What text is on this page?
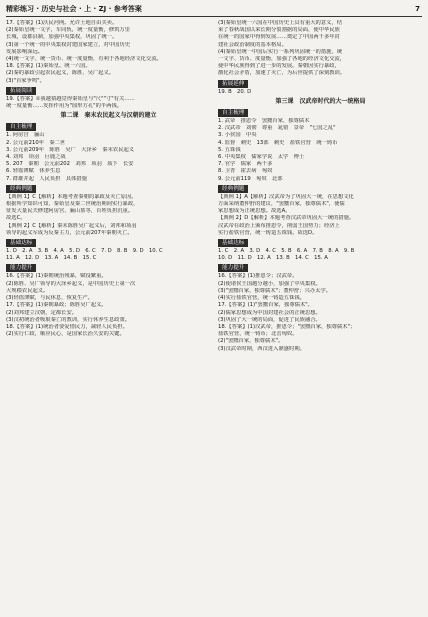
精彩练习 · 历史与社会 · 上 · ZJ · 参考答案	7
17.【答案】(1)沃民河网。允许土地自由买卖。
(2)秦始皇统一文字，车同轨，统一度量衡，修筑万里
长城，设郡县制，加强中央集权，巩固了统一。
(3)第一个统一的中央集权封建国家建立，对中国历史
发展影响深远。
(4)统一文字、统一货币、统一度量衡，有利于各地经济文化交流。
18.【答案】(1)秦始皇。统一六国。
(2)秦的暴政引起农民起义，陈胜、吴广起义。
(3)"百家争鸣"。
拓展阅读
19.【答案】①我越猜越觉得秦始皇与"尺""寸"有关……
统一度量衡……发挥作用为"圆形方孔"的半两钱。
第二课　秦末农民起义与汉朝的建立
自主梳理
1. 阿房宫　骊山
2. 公元前210年　秦二世
3. 公元前209年　陈胜　吴广　大泽乡　秦末农民起义
4. 刘邦　项羽　巨鹿之战
5. 207　秦朝　公元前202　刘邦　项羽　垓下　长安
6. 轻徭薄赋　休养生息
7. 群雄并起　人民负担　具体措施
经典例题
【典例 1】C【解析】本题考查秦朝的暴政及灭亡原因。
根据所学知识可知，秦始皇及秦二世统治期间实行暴政，
征发大量民夫修建阿房宫、骊山墓等，百姓负担沉重。
故选C。
【典例 2】C【解析】秦末陈胜吴广起义后，刘邦和项羽
领导的起义军成为反秦主力，公元前207年秦朝灭亡。
基础达标
1. D　2. A　3. B　4. A　5. D　6. C　7. D　8. B　9. D　10. C
11. A　12. D　13. A　14. B　15. C
能力提升
16.【答案】(1)秦朝统治残暴，赋役繁重。
(2)陈胜、吴广领导的大泽乡起义，是中国历史上第一次
大规模农民起义。
(3)轻徭薄赋，与民休息，恢复生产。
17.【答案】(1)秦朝暴政；陈胜吴广起义。
(2)刘邦建立汉朝，定都长安。
(3)汉初统治者吸取秦亡的教训，实行休养生息政策。
18.【答案】(1)统治者要爱惜民力，减轻人民负担。
(2)实行仁政，顺应民心，是国家长治久安的关键。
(3)秦始皇统一六国在中国历史上具有重大的意义，结
束了春秋战国以来长期分裂割据的局面，使中华民族
在统一的国家中得到发展……奠定了中国两千多年封
建社会政治制度的基本格局。
(4)秦始皇统一中国后实行一系列巩固统一的措施，统
一文字、货币、度量衡，加强了各地的经济文化交流，
使中华民族得到了进一步的发展。秦朝因实行暴政，
激化社会矛盾，加速了灭亡，为后世提供了深刻教训。
拓展延伸
19. B　20. D
第三课　汉武帝时代的大一统格局
自主梳理
1. 武帝　推恩令　罢黜百家，独尊儒术
2. 汉武帝　刘彻　尊重　晁错　景帝　"七国之乱"
3. 小侯国　中央
4. 监督　刺史　13部　刺史　盐铁官营　统一铸币
5. 五铢钱
6. 中央集权　儒家学说　太学　博士
7. 官学　儒家　两千多
8. 卫青　霍去病　匈奴
9. 公元前119　匈奴　北部
经典例题
【典例 1】A【解析】汉武帝为了巩固大一统，在思想文化
方面采纳董仲舒的建议，"罢黜百家，独尊儒术"，使儒
家思想成为正统思想。故选A。
【典例 2】D【解析】本题考查汉武帝巩固大一统的措施。
汉武帝在政治上颁布推恩令，削弱王国势力；经济上
实行盐铁官营，统一铸造五铢钱。故选D。
基础达标
1. C　2. A　3. D　4. C　5. B　6. A　7. B　8. A　9. B
10. D　11. D　12. A　13. B　14. C　15. A
能力提升
16.【答案】(1)推恩令；汉武帝。
(2)使诸侯王国越分越小，加强了中央集权。
(3)"罢黜百家，独尊儒术"；董仲舒；兴办太学。
(4)实行盐铁官营，统一铸造五铢钱。
17.【答案】(1)"罢黜百家，独尊儒术"。
(2)儒家思想成为中国封建社会的正统思想。
(3)巩固了大一统的局面，促进了民族融合。
18.【答案】(1)汉武帝，推恩令；"罢黜百家，独尊儒术"；
盐铁官营，统一铸币；北击匈奴。
(2)"罢黜百家，独尊儒术"。
(3)汉武帝时期，西汉进入鼎盛时期。
